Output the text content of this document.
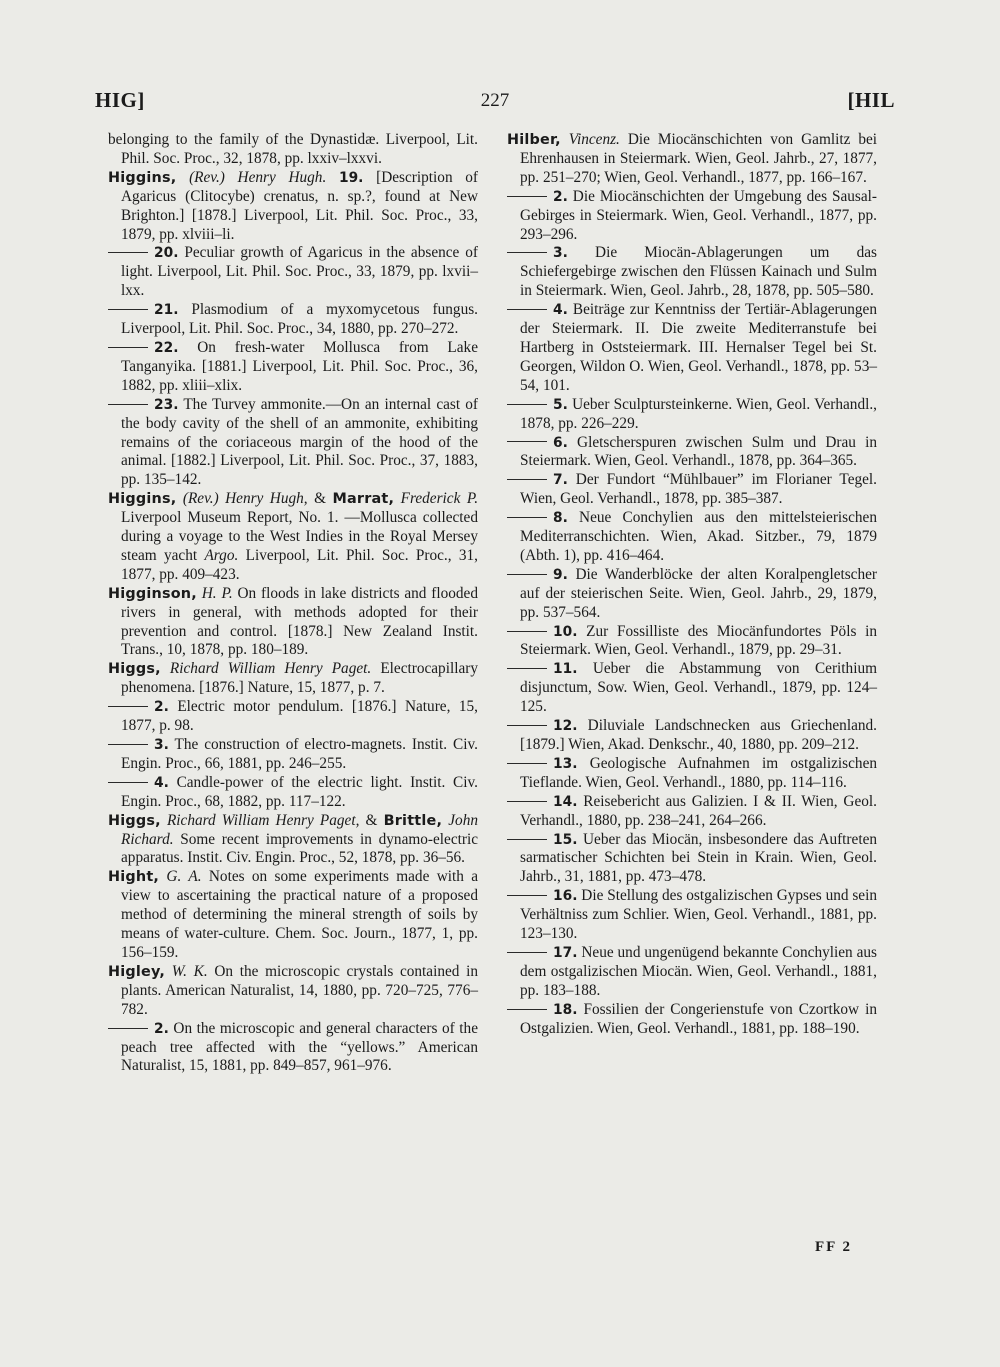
HIG]	227	[HIL

belonging to the family of the Dynastidæ. Liverpool, Lit. Phil. Soc. Proc., 32, 1878, pp. lxxiv–lxxvi.

Higgins, (Rev.) Henry Hugh. 19. [Description of Agaricus (Clitocybe) crenatus, n. sp.?, found at New Brighton.] [1878.] Liverpool, Lit. Phil. Soc. Proc., 33, 1879, pp. xlviii–li.

20. Peculiar growth of Agaricus in the absence of light. Liverpool, Lit. Phil. Soc. Proc., 33, 1879, pp. lxvii–lxx.

21. Plasmodium of a myxomycetous fungus. Liverpool, Lit. Phil. Soc. Proc., 34, 1880, pp. 270–272.

22. On fresh-water Mollusca from Lake Tanganyika. [1881.] Liverpool, Lit. Phil. Soc. Proc., 36, 1882, pp. xliii–xlix.

23. The Turvey ammonite.—On an internal cast of the body cavity of the shell of an ammonite, exhibiting remains of the coriaceous margin of the hood of the animal. [1882.] Liverpool, Lit. Phil. Soc. Proc., 37, 1883, pp. 135–142.

Higgins, (Rev.) Henry Hugh, & Marrat, Frederick P. Liverpool Museum Report, No. 1. —Mollusca collected during a voyage to the West Indies in the Royal Mersey steam yacht Argo. Liverpool, Lit. Phil. Soc. Proc., 31, 1877, pp. 409–423.

Higginson, H. P. On floods in lake districts and flooded rivers in general, with methods adopted for their prevention and control. [1878.] New Zealand Instit. Trans., 10, 1878, pp. 180–189.

Higgs, Richard William Henry Paget. Electrocapillary phenomena. [1876.] Nature, 15, 1877, p. 7.

2. Electric motor pendulum. [1876.] Nature, 15, 1877, p. 98.

3. The construction of electro-magnets. Instit. Civ. Engin. Proc., 66, 1881, pp. 246–255.

4. Candle-power of the electric light. Instit. Civ. Engin. Proc., 68, 1882, pp. 117–122.

Higgs, Richard William Henry Paget, & Brittle, John Richard. Some recent improvements in dynamo-electric apparatus. Instit. Civ. Engin. Proc., 52, 1878, pp. 36–56.

Hight, G. A. Notes on some experiments made with a view to ascertaining the practical nature of a proposed method of determining the mineral strength of soils by means of water-culture. Chem. Soc. Journ., 1877, 1, pp. 156–159.

Higley, W. K. On the microscopic crystals contained in plants. American Naturalist, 14, 1880, pp. 720–725, 776–782.

2. On the microscopic and general characters of the peach tree affected with the “yellows.” American Naturalist, 15, 1881, pp. 849–857, 961–976.

Hilber, Vincenz. Die Miocänschichten von Gamlitz bei Ehrenhausen in Steiermark. Wien, Geol. Jahrb., 27, 1877, pp. 251–270; Wien, Geol. Verhandl., 1877, pp. 166–167.

2. Die Miocänschichten der Umgebung des Sausal-Gebirges in Steiermark. Wien, Geol. Verhandl., 1877, pp. 293–296.

3. Die Miocän-Ablagerungen um das Schiefergebirge zwischen den Flüssen Kainach und Sulm in Steiermark. Wien, Geol. Jahrb., 28, 1878, pp. 505–580.

4. Beiträge zur Kenntniss der Tertiär-Ablagerungen der Steiermark. II. Die zweite Mediterranstufe bei Hartberg in Oststeiermark. III. Hernalser Tegel bei St. Georgen, Wildon O. Wien, Geol. Verhandl., 1878, pp. 53–54, 101.

5. Ueber Sculptursteinkerne. Wien, Geol. Verhandl., 1878, pp. 226–229.

6. Gletscherspuren zwischen Sulm und Drau in Steiermark. Wien, Geol. Verhandl., 1878, pp. 364–365.

7. Der Fundort “Mühlbauer” im Florianer Tegel. Wien, Geol. Verhandl., 1878, pp. 385–387.

8. Neue Conchylien aus den mittelsteierischen Mediterranschichten. Wien, Akad. Sitzber., 79, 1879 (Abth. 1), pp. 416–464.

9. Die Wanderblöcke der alten Koralpengletscher auf der steierischen Seite. Wien, Geol. Jahrb., 29, 1879, pp. 537–564.

10. Zur Fossilliste des Miocänfundortes Pöls in Steiermark. Wien, Geol. Verhandl., 1879, pp. 29–31.

11. Ueber die Abstammung von Cerithium disjunctum, Sow. Wien, Geol. Verhandl., 1879, pp. 124–125.

12. Diluviale Landschnecken aus Griechenland. [1879.] Wien, Akad. Denkschr., 40, 1880, pp. 209–212.

13. Geologische Aufnahmen im ostgalizischen Tieflande. Wien, Geol. Verhandl., 1880, pp. 114–116.

14. Reisebericht aus Galizien. I & II. Wien, Geol. Verhandl., 1880, pp. 238–241, 264–266.

15. Ueber das Miocän, insbesondere das Auftreten sarmatischer Schichten bei Stein in Krain. Wien, Geol. Jahrb., 31, 1881, pp. 473–478.

16. Die Stellung des ostgalizischen Gypses und sein Verhältniss zum Schlier. Wien, Geol. Verhandl., 1881, pp. 123–130.

17. Neue und ungenügend bekannte Conchylien aus dem ostgalizischen Miocän. Wien, Geol. Verhandl., 1881, pp. 183–188.

18. Fossilien der Congerienstufe von Czortkow in Ostgalizien. Wien, Geol. Verhandl., 1881, pp. 188–190.

FF 2
